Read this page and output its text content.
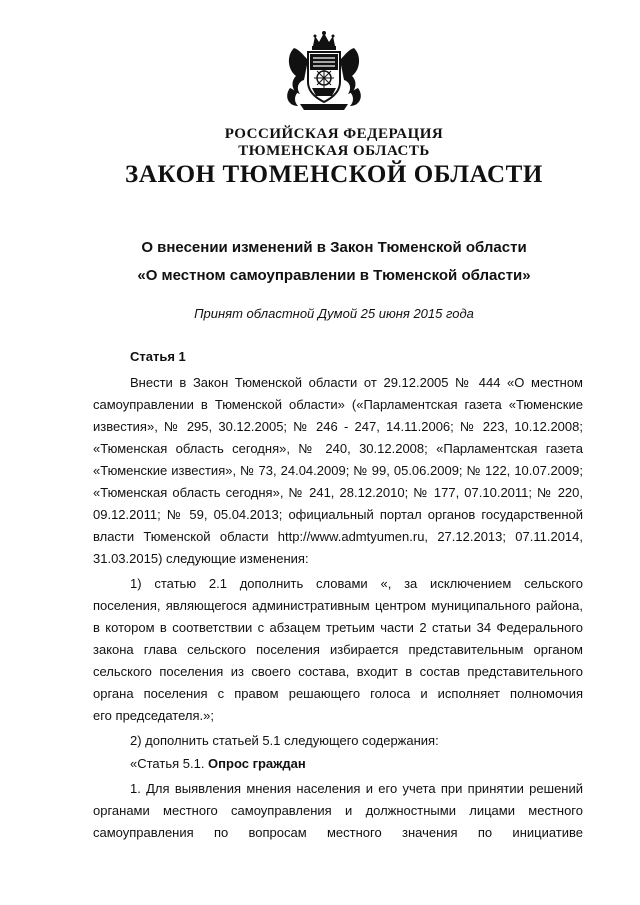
РОССИЙСКАЯ ФЕДЕРАЦИЯ
ТЮМЕНСКАЯ ОБЛАСТЬ
ЗАКОН ТЮМЕНСКОЙ ОБЛАСТИ
О внесении изменений в Закон Тюменской области
«О местном самоуправлении в Тюменской области»
Принят областной Думой 25 июня 2015 года
Статья 1
Внести в Закон Тюменской области от 29.12.2005 № 444 «О местном
самоуправлении в Тюменской области» («Парламентская газета «Тюменские
известия», № 295, 30.12.2005; № 246 - 247, 14.11.2006; № 223, 10.12.2008;
«Тюменская область сегодня», № 240, 30.12.2008; «Парламентская газета
«Тюменские известия», № 73, 24.04.2009; № 99, 05.06.2009; № 122, 10.07.2009;
«Тюменская область сегодня», № 241, 28.12.2010; № 177, 07.10.2011; № 220,
09.12.2011; № 59, 05.04.2013; официальный портал органов государственной
власти Тюменской области http://www.admtyumen.ru, 27.12.2013; 07.11.2014,
31.03.2015) следующие изменения:
1) статью 2.1 дополнить словами «, за исключением сельского
поселения, являющегося административным центром муниципального района,
в котором в соответствии с абзацем третьим части 2 статьи 34 Федерального
закона глава сельского поселения избирается представительным органом
сельского поселения из своего состава, входит в состав представительного
органа поселения с правом решающего голоса и исполняет полномочия
его председателя.»;
2) дополнить статьей 5.1 следующего содержания:
«Статья 5.1. Опрос граждан
1. Для выявления мнения населения и его учета при принятии решений
органами местного самоуправления и должностными лицами местного
самоуправления по вопросам местного значения по инициативе
